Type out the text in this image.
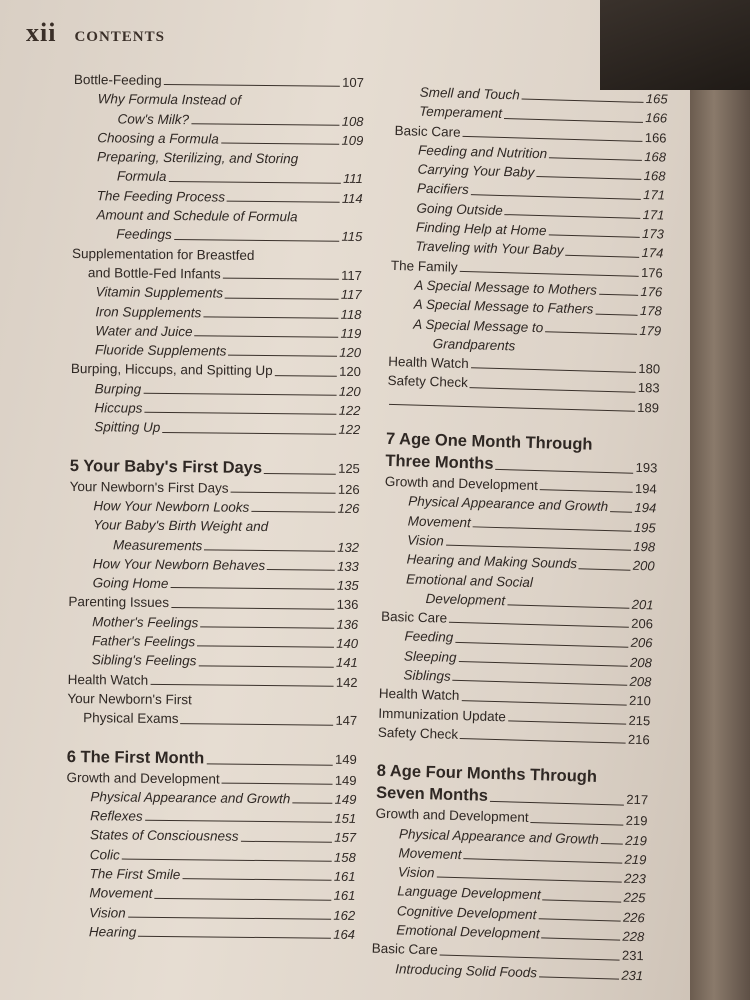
xii CONTENTS
Bottle-Feeding	107
Why Formula Instead of
Cow's Milk?	108
Choosing a Formula	109
Preparing, Sterilizing, and Storing
Formula	111
The Feeding Process	114
Amount and Schedule of Formula
Feedings	115
Supplementation for Breastfed
and Bottle-Fed Infants	117
Vitamin Supplements	117
Iron Supplements	118
Water and Juice	119
Fluoride Supplements	120
Burping, Hiccups, and Spitting Up	120
Burping	120
Hiccups	122
Spitting Up	122
5 Your Baby's First Days	125
Your Newborn's First Days	126
How Your Newborn Looks	126
Your Baby's Birth Weight and
Measurements	132
How Your Newborn Behaves	133
Going Home	135
Parenting Issues	136
Mother's Feelings	136
Father's Feelings	140
Sibling's Feelings	141
Health Watch	142
Your Newborn's First
Physical Exams	147
6 The First Month	149
Growth and Development	149
Physical Appearance and Growth	149
Reflexes	151
States of Consciousness	157
Colic	158
The First Smile	161
Movement	161
Vision	162
Hearing	164
Smell and Touch	165
Temperament	166
Basic Care	166
Feeding and Nutrition	168
Carrying Your Baby	168
Pacifiers	171
Going Outside	171
Finding Help at Home	173
Traveling with Your Baby	174
The Family	176
A Special Message to Mothers	176
A Special Message to Fathers	178
A Special Message to	179
Grandparents
Health Watch	180
Safety Check	183
189
7 Age One Month Through
Three Months	193
Growth and Development	194
Physical Appearance and Growth 194
Movement	195
Vision	198
Hearing and Making Sounds	200
Emotional and Social
Development	201
Basic Care	206
Feeding	206
Sleeping	208
Siblings	208
Health Watch	210
Immunization Update	215
Safety Check	216
8 Age Four Months Through
Seven Months	217
Growth and Development	219
Physical Appearance and Growth 219
Movement	219
Vision	223
Language Development	225
Cognitive Development	226
Emotional Development	228
Basic Care	231
Introducing Solid Foods	231
